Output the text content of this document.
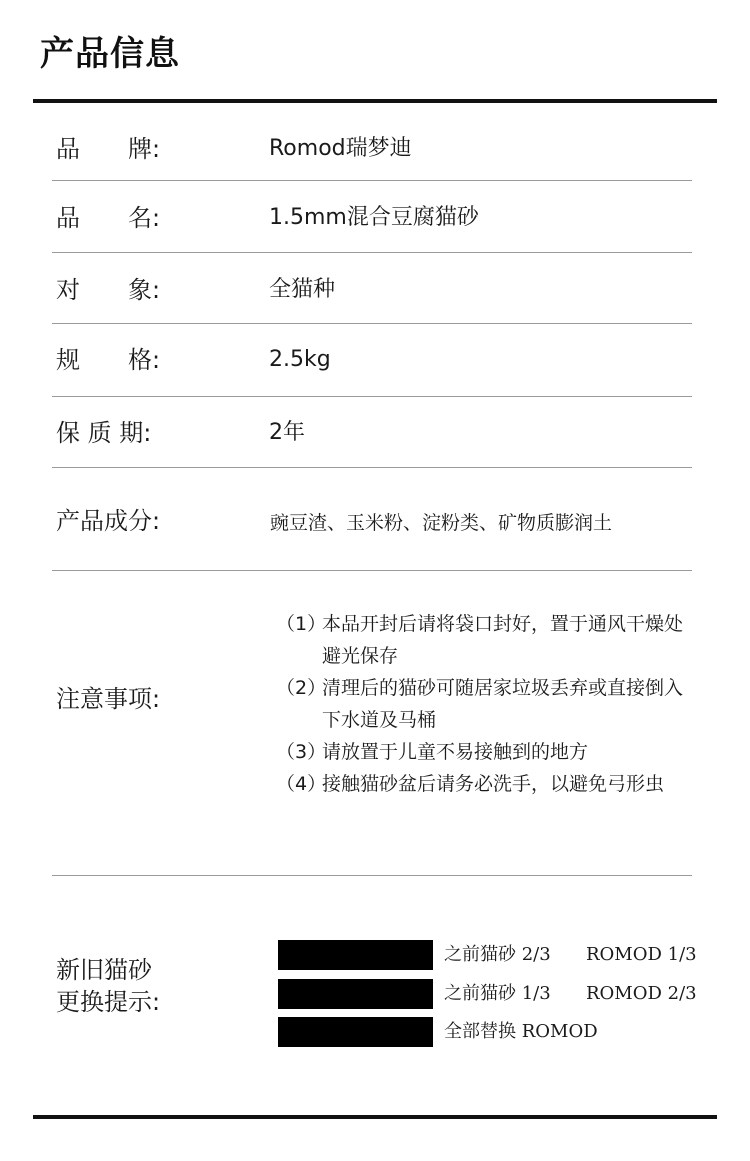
产品信息
品　　牌:	Romod瑞梦迪
品　　名:	1.5mm混合豆腐猫砂
对　　象:	全猫种
规　　格:	2.5kg
保 质 期:	2年
产品成分:	豌豆渣、玉米粉、淀粉类、矿物质膨润土
注意事项:
（1）
本品开封后请将袋口封好，置于通风干燥处避光保存
（2）
清理后的猫砂可随居家垃圾丢弃或直接倒入下水道及马桶
（3）
请放置于儿童不易接触到的地方
（4）
接触猫砂盆后请务必洗手，以避免弓形虫
新旧猫砂
更换提示:
之前猫砂 2/3 ROMOD 1/3
之前猫砂 1/3 ROMOD 2/3
全部替换 ROMOD
